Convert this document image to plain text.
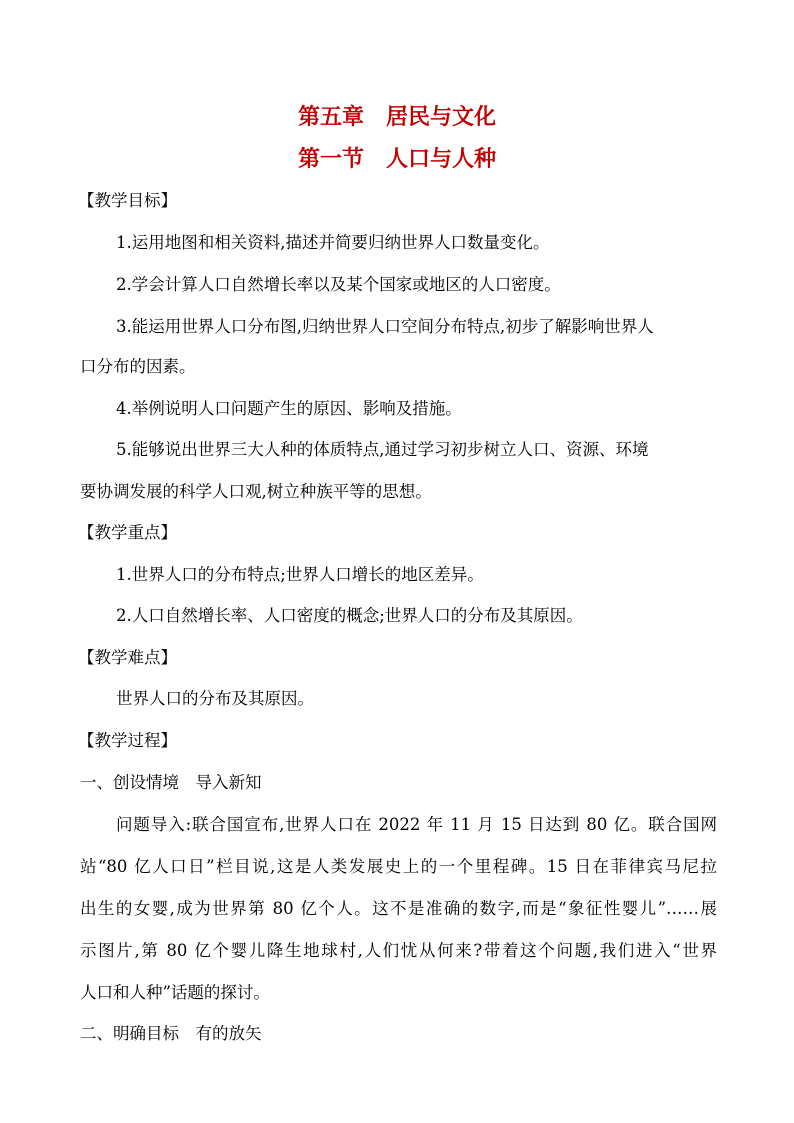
第五章　居民与文化
第一节　人口与人种
【教学目标】
1.运用地图和相关资料,描述并简要归纳世界人口数量变化。
2.学会计算人口自然增长率以及某个国家或地区的人口密度。
3.能运用世界人口分布图,归纳世界人口空间分布特点,初步了解影响世界人
口分布的因素。
4.举例说明人口问题产生的原因、影响及措施。
5.能够说出世界三大人种的体质特点,通过学习初步树立人口、资源、环境
要协调发展的科学人口观,树立种族平等的思想。
【教学重点】
1.世界人口的分布特点;世界人口增长的地区差异。
2.人口自然增长率、人口密度的概念;世界人口的分布及其原因。
【教学难点】
世界人口的分布及其原因。
【教学过程】
一、创设情境　导入新知
问题导入:联合国宣布,世界人口在 2022 年 11 月 15 日达到 80 亿。联合国网
站“80 亿人口日”栏目说,这是人类发展史上的一个里程碑。15 日在菲律宾马尼拉
出生的女婴,成为世界第 80 亿个人。这不是准确的数字,而是“象征性婴儿”……展
示图片,第 80 亿个婴儿降生地球村,人们忧从何来?带着这个问题,我们进入“世界
人口和人种”话题的探讨。
二、明确目标　有的放矢
